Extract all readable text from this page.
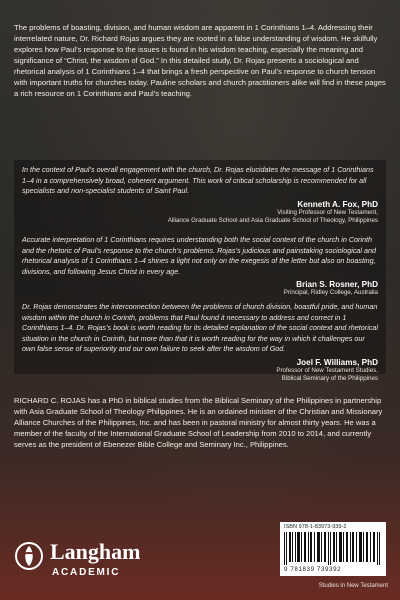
The problems of boasting, division, and human wisdom are apparent in 1 Corinthians 1–4. Addressing their interrelated nature, Dr. Richard Rojas argues they are rooted in a false understanding of wisdom. He skilfully explores how Paul’s response to the issues is found in his wisdom teaching, especially the meaning and significance of “Christ, the wisdom of God.” In this detailed study, Dr. Rojas presents a sociological and rhetorical analysis of 1 Corinthians 1–4 that brings a fresh perspective on Paul’s response to church tension with important truths for churches today. Pauline scholars and church practitioners alike will find in these pages a rich resource on 1 Corinthians and Paul’s teaching.
In the context of Paul’s overall engagement with the church, Dr. Rojas elucidates the message of 1 Corinthians 1–4 in a comprehensively broad, coherent argument. This work of critical scholarship is recommended for all specialists and non-specialist students of Saint Paul.
Kenneth A. Fox, PhD
Visiting Professor of New Testament,
Alliance Graduate School and Asia Graduate School of Theology, Philippines
Accurate interpretation of 1 Corinthians requires understanding both the social context of the church in Corinth and the rhetoric of Paul’s response to the church’s problems. Rojas’s judicious and painstaking sociological and rhetorical analysis of 1 Corinthians 1–4 shines a light not only on the exegesis of the letter but also on boasting, divisions, and following Jesus Christ in every age.
Brian S. Rosner, PhD
Principal, Ridley College, Australia
Dr. Rojas demonstrates the interconnection between the problems of church division, boastful pride, and human wisdom within the church in Corinth, problems that Paul found it necessary to address and correct in 1 Corinthians 1–4. Dr. Rojas’s book is worth reading for its detailed explanation of the social context and rhetorical situation in the church in Corinth, but more than that it is worth reading for the way in which it challenges our own false sense of superiority and our own failure to seek after the wisdom of God.
Joel F. Williams, PhD
Professor of New Testament Studies,
Biblical Seminary of the Philippines
RICHARD C. ROJAS has a PhD in biblical studies from the Biblical Seminary of the Philippines in partnership with Asia Graduate School of Theology Philippines. He is an ordained minister of the Christian and Missionary Alliance Churches of the Philippines, Inc. and has been in pastoral ministry for almost thirty years. He was a member of the faculty of the International Graduate School of Leadership from 2010 to 2014, and currently serves as the president of Ebenezer Bible College and Seminary Inc., Philippines.
Langham
ACADEMIC
ISBN 978-1-83973-939-2
9 781839 739392
Studies in New Testament
